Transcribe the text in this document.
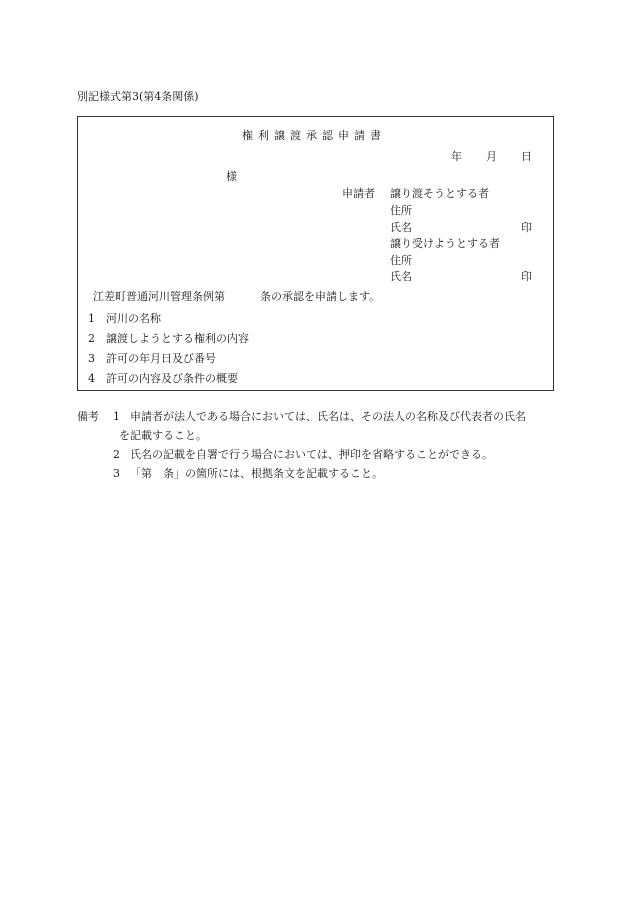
別記様式第3(第4条関係)
権利譲渡承認申請書
年 月 日
様
申請者 譲り渡そうとする者
住所
氏名	印
譲り受けようとする者
住所
氏名	印
江差町普通河川管理条例第	条の承認を申請します。
1 河川の名称
2 譲渡しようとする権利の内容
3 許可の年月日及び番号
4 許可の内容及び条件の概要
備考 1 申請者が法人である場合においては、氏名は、その法人の名称及び代表者の氏名
を記載すること。
2 氏名の記載を自署で行う場合においては、押印を省略することができる。
3 「第　条」の箇所には、根拠条文を記載すること。
